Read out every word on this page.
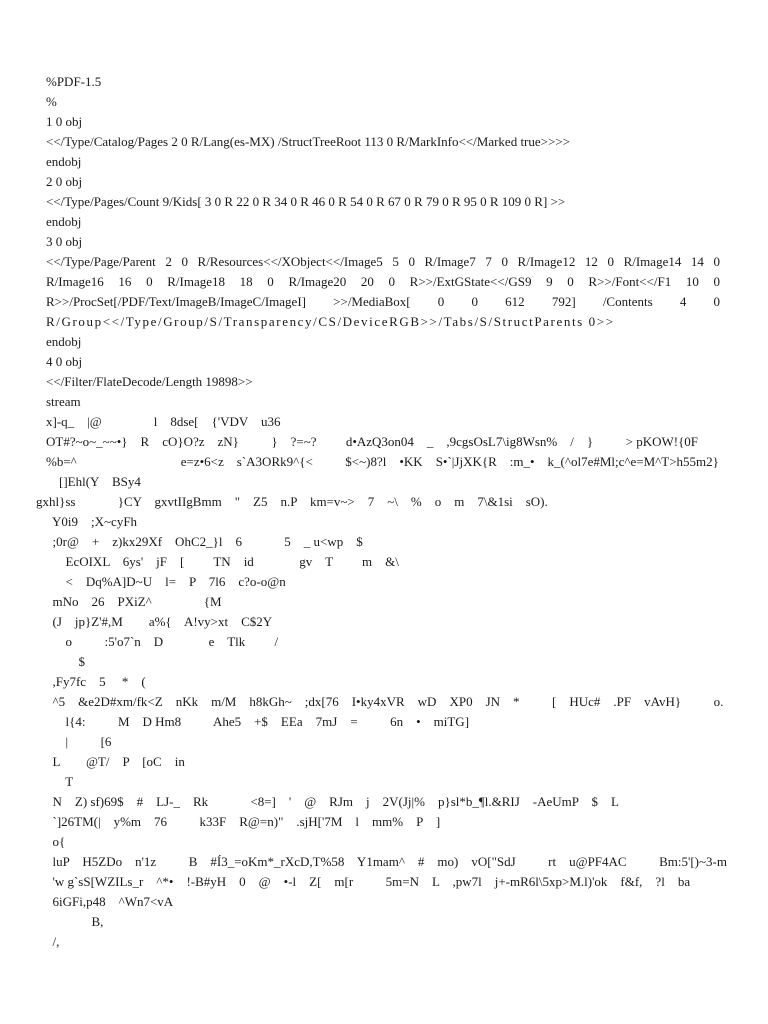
%PDF-1.5
%
1 0 obj
<</Type/Catalog/Pages 2 0 R/Lang(es-MX) /StructTreeRoot 113 0 R/MarkInfo<</Marked true>>>>
endobj
2 0 obj
<</Type/Pages/Count 9/Kids[ 3 0 R 22 0 R 34 0 R 46 0 R 54 0 R 67 0 R 79 0 R 95 0 R 109 0 R] >>
endobj
3 0 obj
<</Type/Page/Parent 2 0 R/Resources<</XObject<</Image5 5 0 R/Image7 7 0 R/Image12 12 0 R/Image14 14 0
R/Image16 16 0 R/Image18 18 0 R/Image20 20 0 R>>/ExtGState<</GS9 9 0 R>>/Font<</F1 10 0
R>>/ProcSet[/PDF/Text/ImageB/ImageC/ImageI] >>/MediaBox[ 0 0 612 792] /Contents 4 0
R/Group<</Type/Group/S/Transparency/CS/DeviceRGB>>/Tabs/S/StructParents 0>>
endobj
4 0 obj
<</Filter/FlateDecode/Length 19898>>
stream
x]-q_    |@                l    8dse[    {'VDV    u36
OT#?~o~_~~•}    R    cO}O?z    zN}          }    ?=~?         d•AzQ3on04    _    ,9cgsOsL7\ig8Wsn%    /    }          > pKOW!{0F
%b=^                                e=z•6<z    s`A3ORk9^{<          $<~)8?l    •KK    S•`|JjXK{R    :m_•    k_(^ol7e#Ml;c^e=M^T>h55m2}
[]Ehl(Y    BSy4
gxhl}ss             }CY    gxvtIIgBmm    "    Z5    n.P    km=v~>    7    ~\    %    o    m    7\&1si    sO).
Y0i9    ;X~cyFh
;0r@    +    z)kx29Xf    OhC2_}l    6             5    _ u<wp    $
EcOIXL    6ys'    jF    [         TN    id              gv    T         m    &\
<    Dq%A]D~U    l=    P    7l6    c?o-o@n
mNo    26    PXiZ^                {M
(J    jp}Z'#,M        a%{    A!vy>xt    C$2Y
o          :5'o7`n    D              e    Tlk         /
$
,Fy7fc    5     *    (
^5    &e2D#xm/fk<Z    nKk    m/M    h8kGh~    ;dx[76    I•ky4xVR    wD    XP0    JN    *          [    HUc#    .PF    vAvH}          o.
l{4:          M    D Hm8          Ahe5    +$    EEa    7mJ    =          6n    •    miTG]
|          [6
L        @T/    P    [oC    in
T
N    Z) sf)69$    #    LJ-_    Rk             <8=]    '    @    RJm    j    2V(Jj|%    p}sl*b_¶l.&RIJ    -AeUmP    $    L
`]26TM(|    y%m    76          k33F    R@=n)"    .sjH['7M    l    mm%    P    ]
o{
luP    H5ZDo    n'1z          B    #Í3_=oKm*_rXcD,T%58    Y1mam^    #    mo)    vO["SdJ          rt    u@PF4AC          Bm:5'[)~3-m
'w g`sS[WZILs_r    ^*•    !-B#yH    0    @    •-l    Z[    m[r          5m=N    L    ,pw7l    j+-mR6l\5xp>M.l)'ok    f&f,    ?l    ba
6iGFi,p48    ^Wn7<vA
B,
/,
